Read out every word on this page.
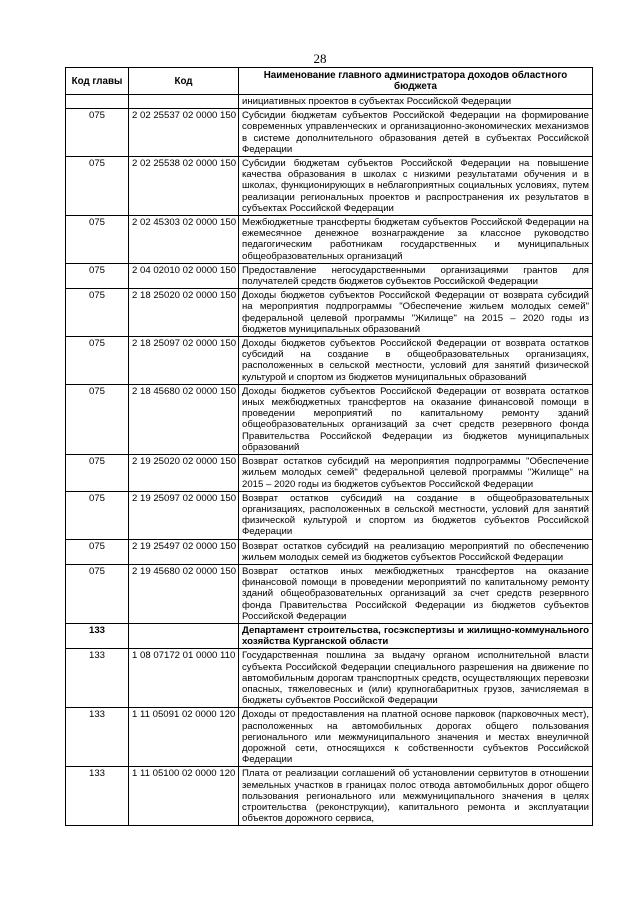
28
Код главы	Код	Наименование главного администратора доходов областного бюджета
		инициативных проектов в субъектах Российской Федерации
075	2 02 25537 02 0000 150	Субсидии бюджетам субъектов Российской Федерации на формирование современных управленческих и организационно-экономических механизмов в системе дополнительного образования детей в субъектах Российской Федерации
075	2 02 25538 02 0000 150	Субсидии бюджетам субъектов Российской Федерации на повышение качества образования в школах с низкими результатами обучения и в школах, функционирующих в неблагоприятных социальных условиях, путем реализации региональных проектов и распространения их результатов в субъектах Российской Федерации
075	2 02 45303 02 0000 150	Межбюджетные трансферты бюджетам субъектов Российской Федерации на ежемесячное денежное вознаграждение за классное руководство педагогическим работникам государственных и муниципальных общеобразовательных организаций
075	2 04 02010 02 0000 150	Предоставление негосударственными организациями грантов для получателей средств бюджетов субъектов Российской Федерации
075	2 18 25020 02 0000 150	Доходы бюджетов субъектов Российской Федерации от возврата субсидий на мероприятия подпрограммы "Обеспечение жильем молодых семей" федеральной целевой программы "Жилище" на 2015 – 2020 годы из бюджетов муниципальных образований
075	2 18 25097 02 0000 150	Доходы бюджетов субъектов Российской Федерации от возврата остатков субсидий на создание в общеобразовательных организациях, расположенных в сельской местности, условий для занятий физической культурой и спортом из бюджетов муниципальных образований
075	2 18 45680 02 0000 150	Доходы бюджетов субъектов Российской Федерации от возврата остатков иных межбюджетных трансфертов на оказание финансовой помощи в проведении мероприятий по капитальному ремонту зданий общеобразовательных организаций за счет средств резервного фонда Правительства Российской Федерации из бюджетов муниципальных образований
075	2 19 25020 02 0000 150	Возврат остатков субсидий на мероприятия подпрограммы "Обеспечение жильем молодых семей" федеральной целевой программы "Жилище" на 2015 – 2020 годы из бюджетов субъектов Российской Федерации
075	2 19 25097 02 0000 150	Возврат остатков субсидий на создание в общеобразовательных организациях, расположенных в сельской местности, условий для занятий физической культурой и спортом из бюджетов субъектов Российской Федерации
075	2 19 25497 02 0000 150	Возврат остатков субсидий на реализацию мероприятий по обеспечению жильем молодых семей из бюджетов субъектов Российской Федерации
075	2 19 45680 02 0000 150	Возврат остатков иных межбюджетных трансфертов на оказание финансовой помощи в проведении мероприятий по капитальному ремонту зданий общеобразовательных организаций за счет средств резервного фонда Правительства Российской Федерации из бюджетов субъектов Российской Федерации
133		Департамент строительства, госэкспертизы и жилищно-коммунального хозяйства Курганской области
133	1 08 07172 01 0000 110	Государственная пошлина за выдачу органом исполнительной власти субъекта Российской Федерации специального разрешения на движение по автомобильным дорогам транспортных средств, осуществляющих перевозки опасных, тяжеловесных и (или) крупногабаритных грузов, зачисляемая в бюджеты субъектов Российской Федерации
133	1 11 05091 02 0000 120	Доходы от предоставления на платной основе парковок (парковочных мест), расположенных на автомобильных дорогах общего пользования регионального или межмуниципального значения и местах внеуличной дорожной сети, относящихся к собственности субъектов Российской Федерации
133	1 11 05100 02 0000 120	Плата от реализации соглашений об установлении сервитутов в отношении земельных участков в границах полос отвода автомобильных дорог общего пользования регионального или межмуниципального значения в целях строительства (реконструкции), капитального ремонта и эксплуатации объектов дорожного сервиса,
